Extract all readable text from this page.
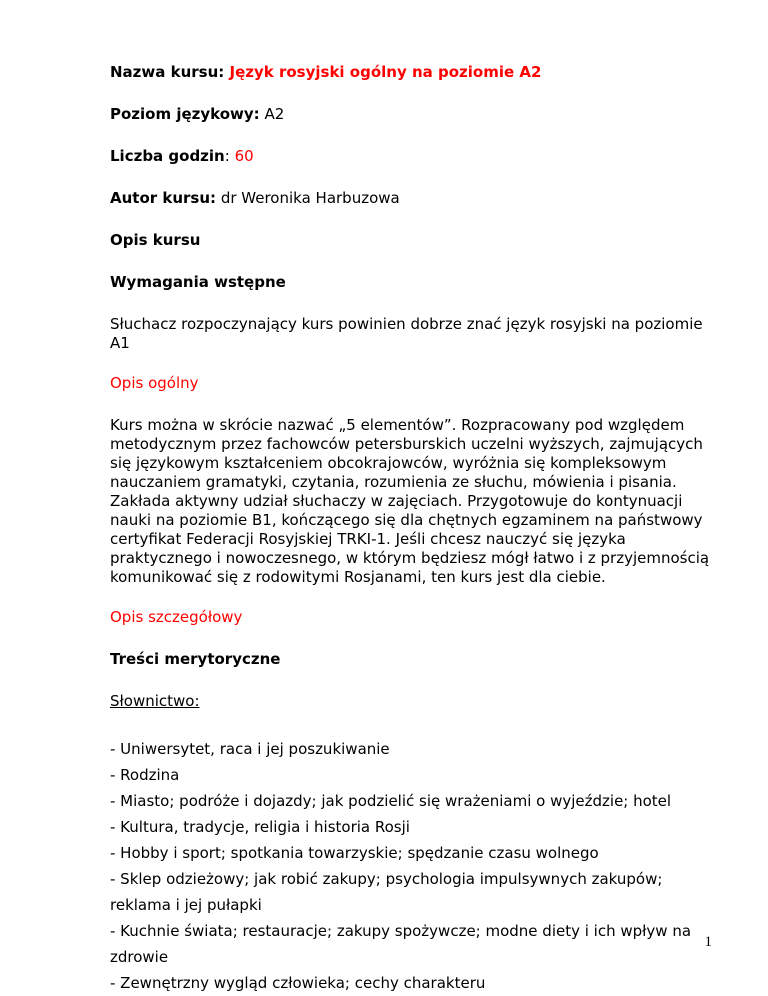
Nazwa kursu: Język rosyjski ogólny na poziomie A2

Poziom językowy: A2

Liczba godzin: 60

Autor kursu: dr Weronika Harbuzowa

Opis kursu

Wymagania wstępne

Słuchacz rozpoczynający kurs powinien dobrze znać język rosyjski na poziomie A1

Opis ogólny

Kurs można w skrócie nazwać „5 elementów”. Rozpracowany pod względem metodycznym przez fachowców petersburskich uczelni wyższych, zajmujących się językowym kształceniem obcokrajowców, wyróżnia się kompleksowym nauczaniem gramatyki, czytania, rozumienia ze słuchu, mówienia i pisania. Zakłada aktywny udział słuchaczy w zajęciach. Przygotowuje do kontynuacji nauki na poziomie B1, kończącego się dla chętnych egzaminem na państwowy certyfikat Federacji Rosyjskiej TRKI-1. Jeśli chcesz nauczyć się języka praktycznego i nowoczesnego, w którym będziesz mógł łatwo i z przyjemnością komunikować się z rodowitymi Rosjanami, ten kurs jest dla ciebie.

Opis szczegółowy

Treści merytoryczne

Słownictwo:

- Uniwersytet, raca i jej poszukiwanie

- Rodzina

- Miasto; podróże i dojazdy; jak podzielić się wrażeniami o wyjeździe; hotel

- Kultura, tradycje, religia i historia Rosji

- Hobby i sport; spotkania towarzyskie; spędzanie czasu wolnego

- Sklep odzieżowy; jak robić zakupy; psychologia impulsywnych zakupów; reklama i jej pułapki

- Kuchnie świata; restauracje; zakupy spożywcze; modne diety i ich wpływ na zdrowie

- Zewnętrzny wygląd człowieka; cechy charakteru

1
